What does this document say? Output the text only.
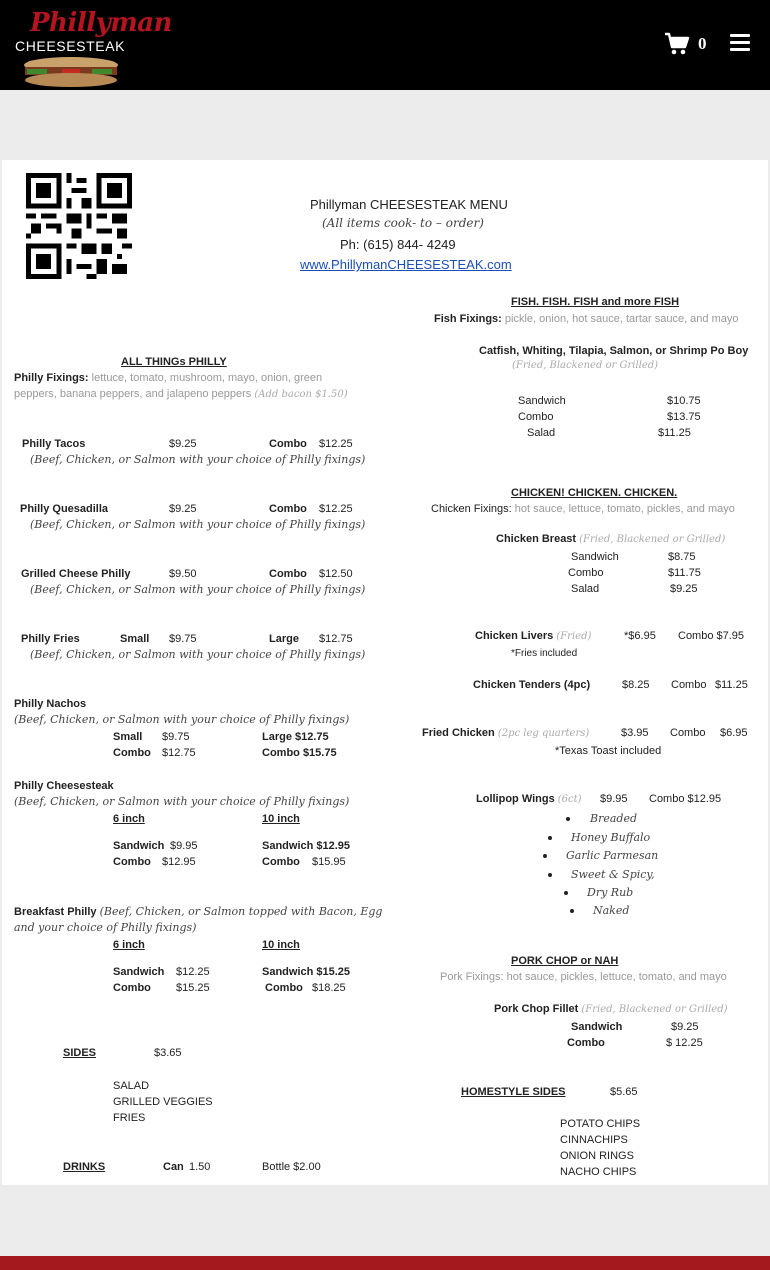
Phillyman
CHEESESTEAK	0
Phillyman CHEESESTEAK MENU
(All items cook- to – order)
Ph: (615) 844- 4249
www.PhillymanCHEESESTEAK.com
ALL THINGs PHILLY
Philly Fixings: lettuce, tomato, mushroom, mayo, onion, green
peppers, banana peppers, and jalapeno peppers (Add bacon $1.50)
Philly Tacos	$9.25	Combo $12.25
(Beef, Chicken, or Salmon with your choice of Philly fixings)
Philly Quesadilla	$9.25	Combo $12.25
(Beef, Chicken, or Salmon with your choice of Philly fixings)
Grilled Cheese Philly	$9.50	Combo $12.50
(Beef, Chicken, or Salmon with your choice of Philly fixings)
Philly Fries	Small $9.75	Large $12.75
(Beef, Chicken, or Salmon with your choice of Philly fixings)
Philly Nachos
(Beef, Chicken, or Salmon with your choice of Philly fixings)
Small $9.75	Large $12.75
Combo $12.75	Combo $15.75
Philly Cheesesteak
(Beef, Chicken, or Salmon with your choice of Philly fixings)
6 inch	10 inch
Sandwich $9.95	Sandwich $12.95
Combo $12.95	Combo $15.95
Breakfast Philly (Beef, Chicken, or Salmon topped with Bacon, Egg
and your choice of Philly fixings)
6 inch	10 inch
Sandwich $12.25	Sandwich $15.25
Combo $15.25	Combo $18.25
SIDES	$3.65
SALAD
GRILLED VEGGIES
FRIES
DRINKS	Can 1.50	Bottle $2.00
FISH. FISH. FISH and more FISH
Fish Fixings: pickle, onion, hot sauce, tartar sauce, and mayo
Catfish, Whiting, Tilapia, Salmon, or Shrimp Po Boy
(Fried, Blackened or Grilled)
Sandwich	$10.75
Combo	$13.75
Salad	$11.25
CHICKEN! CHICKEN. CHICKEN.
Chicken Fixings: hot sauce, lettuce, tomato, pickles, and mayo
Chicken Breast (Fried, Blackened or Grilled)
Sandwich	$8.75
Combo	$11.75
Salad	$9.25
Chicken Livers (Fried)	*$6.95 Combo $7.95
*Fries included
Chicken Tenders (4pc)	$8.25 Combo $11.25
Fried Chicken (2pc leg quarters)	$3.95 Combo $6.95
*Texas Toast included
Lollipop Wings (6ct) $9.95 Combo $12.95
Breaded
Honey Buffalo
Garlic Parmesan
Sweet & Spicy,
Dry Rub
Naked
PORK CHOP or NAH
Pork Fixings: hot sauce, pickles, lettuce, tomato, and mayo
Pork Chop Fillet (Fried, Blackened or Grilled)
Sandwich	$9.25
Combo	$ 12.25
HOMESTYLE SIDES	$5.65
POTATO CHIPS
CINNACHIPS
ONION RINGS
NACHO CHIPS
